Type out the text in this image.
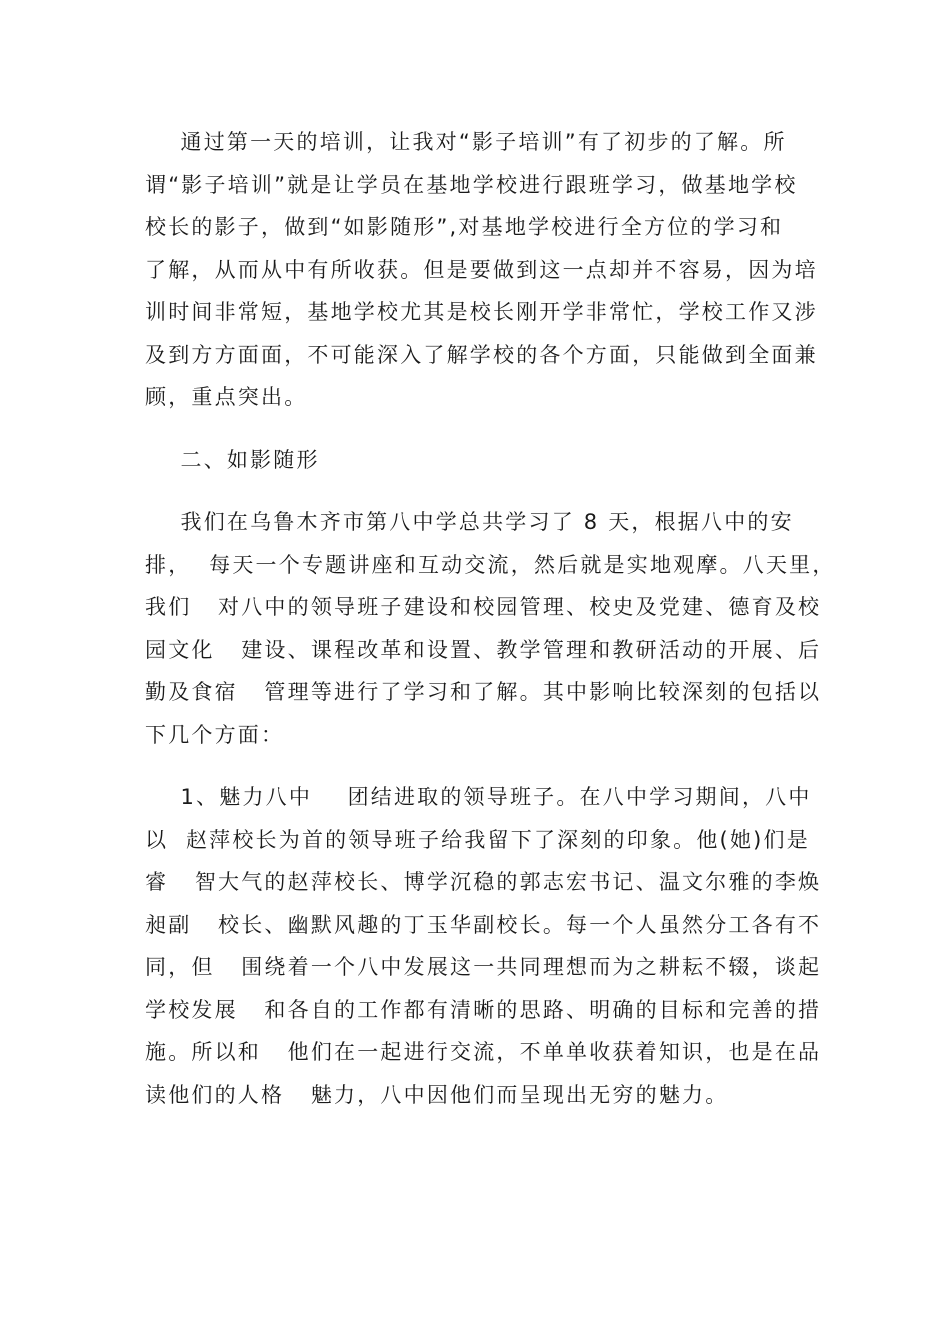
通过第一天的培训，让我对“影子培训”有了初步的了解。所
谓“影子培训”就是让学员在基地学校进行跟班学习，做基地学校
校长的影子，做到“如影随形”,对基地学校进行全方位的学习和
了解，从而从中有所收获。但是要做到这一点却并不容易，因为培
训时间非常短，基地学校尤其是校长刚开学非常忙，学校工作又涉
及到方方面面，不可能深入了解学校的各个方面，只能做到全面兼
顾，重点突出。
二、如影随形
我们在乌鲁木齐市第八中学总共学习了 8 天，根据八中的安
排，  每天一个专题讲座和互动交流，然后就是实地观摩。八天里，
我们   对八中的领导班子建设和校园管理、校史及党建、德育及校
园文化   建设、课程改革和设置、教学管理和教研活动的开展、后
勤及食宿   管理等进行了学习和了解。其中影响比较深刻的包括以
下几个方面：
1、魅力八中    团结进取的领导班子。在八中学习期间，八中
以  赵萍校长为首的领导班子给我留下了深刻的印象。他(她)们是
睿   智大气的赵萍校长、博学沉稳的郭志宏书记、温文尔雅的李焕
昶副   校长、幽默风趣的丁玉华副校长。每一个人虽然分工各有不
同，但   围绕着一个八中发展这一共同理想而为之耕耘不辍，谈起
学校发展   和各自的工作都有清晰的思路、明确的目标和完善的措
施。所以和   他们在一起进行交流，不单单收获着知识，也是在品
读他们的人格   魅力，八中因他们而呈现出无穷的魅力。
